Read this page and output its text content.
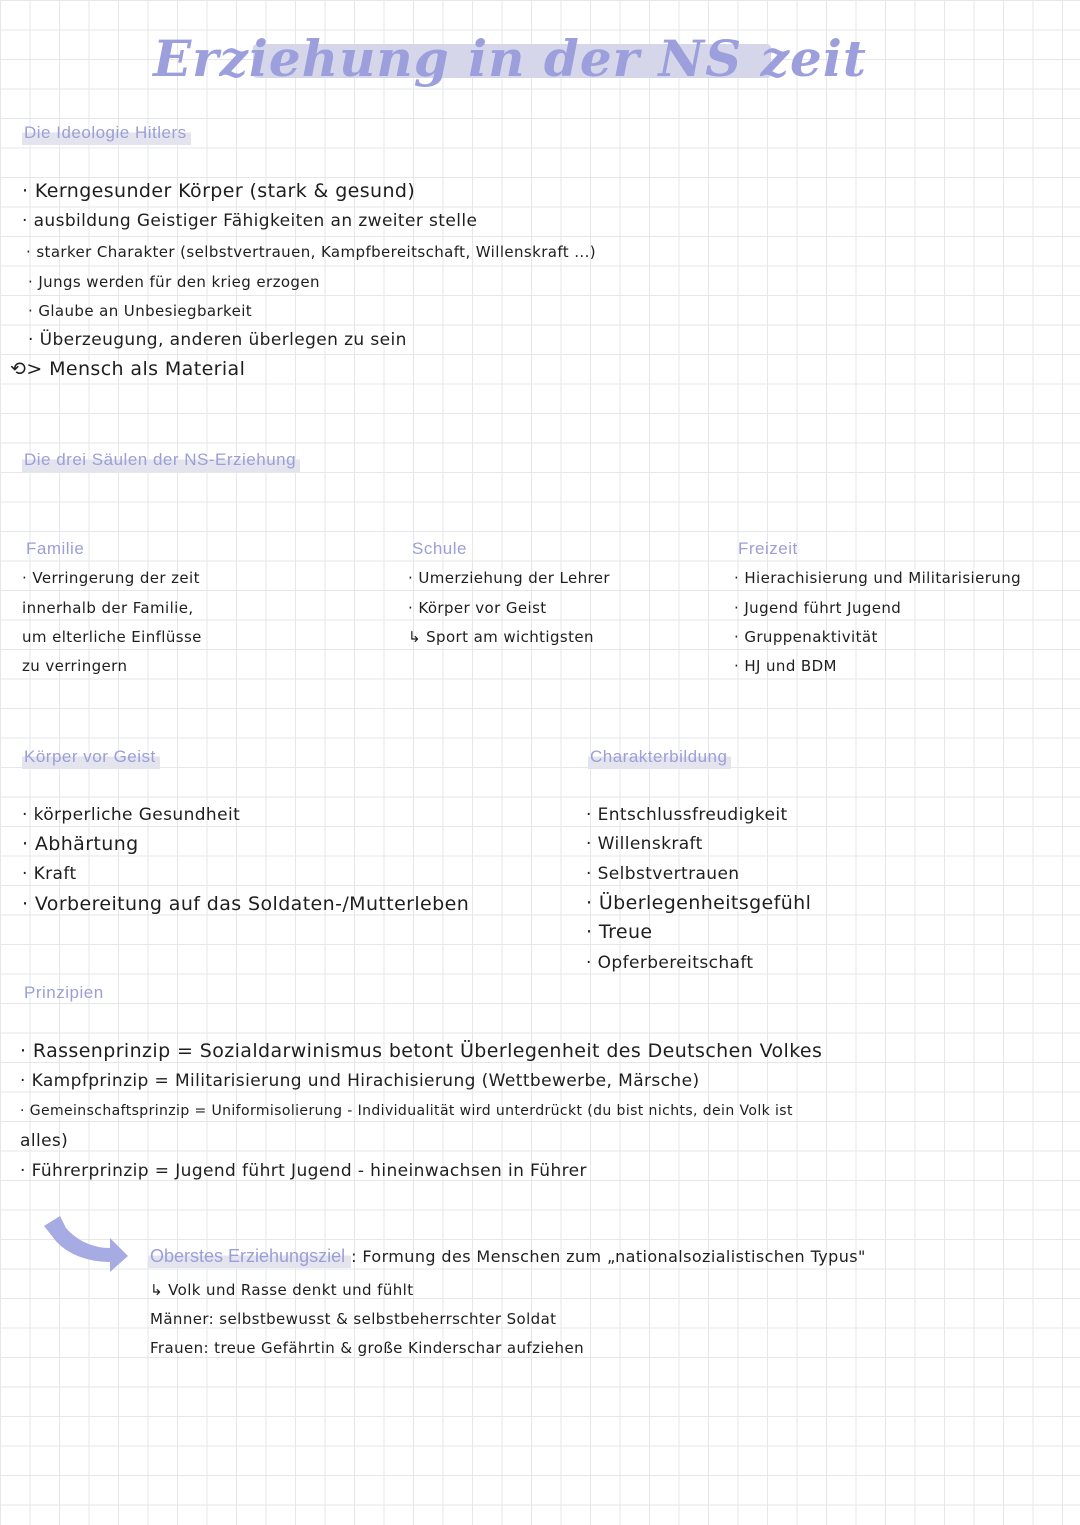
Erziehung in der NS zeit
Die Ideologie Hitlers
· Kerngesunder Körper (stark & gesund)
· ausbildung Geistiger Fähigkeiten an zweiter stelle
· starker Charakter (selbstvertrauen, Kampfbereitschaft, Willenskraft ...)
· Jungs werden für den krieg erzogen
· Glaube an Unbesiegbarkeit
· Überzeugung, anderen überlegen zu sein
⟲> Mensch als Material
Die drei Säulen der NS-Erziehung
Familie
· Verringerung der zeit
innerhalb der Familie,
um elterliche Einflüsse
zu verringern
Schule
· Umerziehung der Lehrer
· Körper vor Geist
↳ Sport am wichtigsten
Freizeit
· Hierachisierung und Militarisierung
· Jugend führt Jugend
· Gruppenaktivität
· HJ und BDM
Körper vor Geist
· körperliche Gesundheit
· Abhärtung
· Kraft
· Vorbereitung auf das Soldaten-/Mutterleben
Charakterbildung
· Entschlussfreudigkeit
· Willenskraft
· Selbstvertrauen
· Überlegenheitsgefühl
· Treue
· Opferbereitschaft
Prinzipien
· Rassenprinzip = Sozialdarwinismus betont Überlegenheit des Deutschen Volkes
· Kampfprinzip = Militarisierung und Hirachisierung (Wettbewerbe, Märsche)
· Gemeinschaftsprinzip = Uniformisolierung - Individualität wird unterdrückt (du bist nichts, dein Volk ist
alles)
· Führerprinzip = Jugend führt Jugend - hineinwachsen in Führer
Oberstes Erziehungsziel : Formung des Menschen zum „nationalsozialistischen Typus"
↳ Volk und Rasse denkt und fühlt
Männer: selbstbewusst & selbstbeherrschter Soldat
Frauen: treue Gefährtin & große Kinderschar aufziehen
